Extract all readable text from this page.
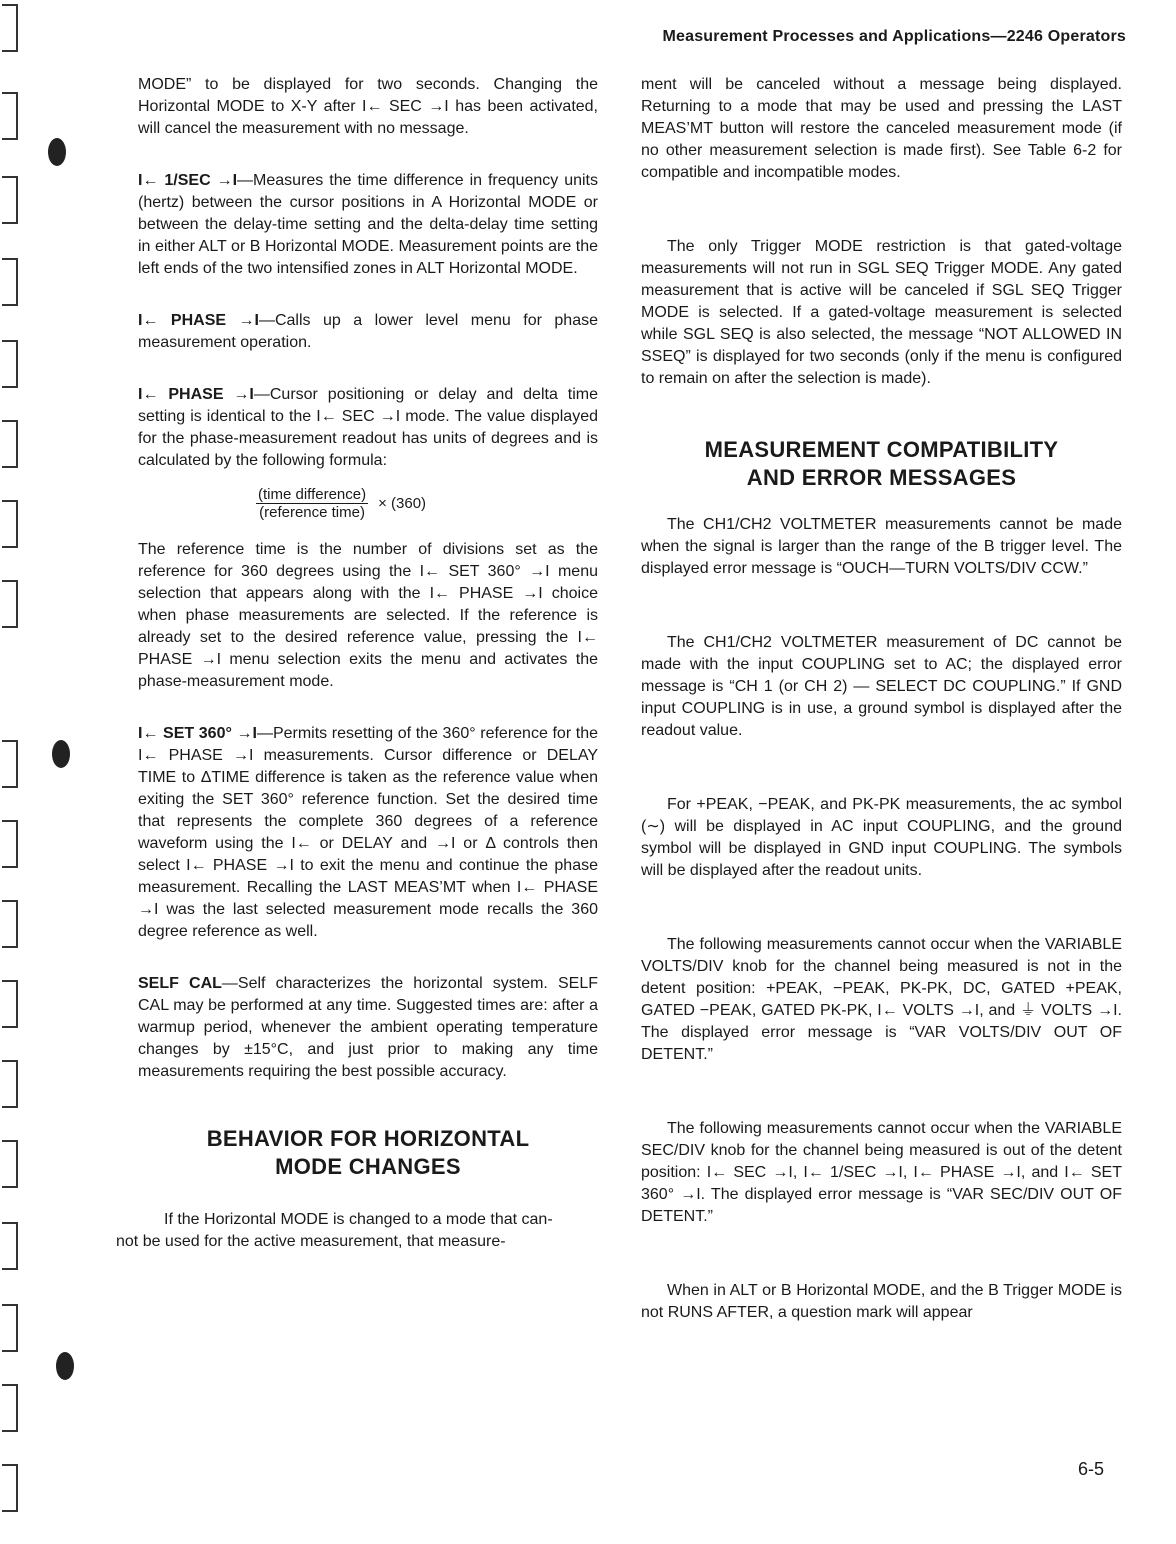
Measurement Processes and Applications—2246 Operators

MODE” to be displayed for two seconds. Changing the Horizontal MODE to X-Y after I← SEC →I has been activated, will cancel the measurement with no message.

I← 1/SEC →I—Measures the time difference in frequency units (hertz) between the cursor positions in A Horizontal MODE or between the delay-time setting and the delta-delay time setting in either ALT or B Horizontal MODE. Measurement points are the left ends of the two intensified zones in ALT Horizontal MODE.

I← PHASE →I—Calls up a lower level menu for phase measurement operation.

I← PHASE →I—Cursor positioning or delay and delta time setting is identical to the I← SEC →I mode. The value displayed for the phase-measurement readout has units of degrees and is calculated by the following formula:

$\frac{\text{(time difference)}}{\text{(reference time)}} \times (360)$

The reference time is the number of divisions set as the reference for 360 degrees using the I← SET 360° →I menu selection that appears along with the I← PHASE →I choice when phase measurements are selected. If the reference is already set to the desired reference value, pressing the I← PHASE →I menu selection exits the menu and activates the phase-measurement mode.

I← SET 360° →I—Permits resetting of the 360° reference for the I← PHASE →I measurements. Cursor difference or DELAY TIME to ΔTIME difference is taken as the reference value when exiting the SET 360° reference function. Set the desired time that represents the complete 360 degrees of a reference waveform using the I← or DELAY and →I or Δ controls then select I← PHASE →I to exit the menu and continue the phase measurement. Recalling the LAST MEAS’MT when I← PHASE →I was the last selected measurement mode recalls the 360 degree reference as well.

SELF CAL—Self characterizes the horizontal system. SELF CAL may be performed at any time. Suggested times are: after a warmup period, whenever the ambient operating temperature changes by ±15°C, and just prior to making any time measurements requiring the best possible accuracy.

BEHAVIOR FOR HORIZONTAL
MODE CHANGES

If the Horizontal MODE is changed to a mode that can-

not be used for the active measurement, that measure-

ment will be canceled without a message being displayed. Returning to a mode that may be used and pressing the LAST MEAS’MT button will restore the canceled measurement mode (if no other measurement selection is made first). See Table 6-2 for compatible and incompatible modes.

The only Trigger MODE restriction is that gated-voltage measurements will not run in SGL SEQ Trigger MODE. Any gated measurement that is active will be canceled if SGL SEQ Trigger MODE is selected. If a gated-voltage measurement is selected while SGL SEQ is also selected, the message “NOT ALLOWED IN SSEQ” is displayed for two seconds (only if the menu is configured to remain on after the selection is made).

MEASUREMENT COMPATIBILITY
AND ERROR MESSAGES

The CH1/CH2 VOLTMETER measurements cannot be made when the signal is larger than the range of the B trigger level. The displayed error message is “OUCH—TURN VOLTS/DIV CCW.”

The CH1/CH2 VOLTMETER measurement of DC cannot be made with the input COUPLING set to AC; the displayed error message is “CH 1 (or CH 2) — SELECT DC COUPLING.” If GND input COUPLING is in use, a ground symbol is displayed after the readout value.

For +PEAK, −PEAK, and PK-PK measurements, the ac symbol (∼) will be displayed in AC input COUPLING, and the ground symbol will be displayed in GND input COUPLING. The symbols will be displayed after the readout units.

The following measurements cannot occur when the VARIABLE VOLTS/DIV knob for the channel being measured is not in the detent position: +PEAK, −PEAK, PK-PK, DC, GATED +PEAK, GATED −PEAK, GATED PK-PK, I← VOLTS →I, and ⏚ VOLTS →I. The displayed error message is “VAR VOLTS/DIV OUT OF DETENT.”

The following measurements cannot occur when the VARIABLE SEC/DIV knob for the channel being measured is out of the detent position: I← SEC →I, I← 1/SEC →I, I← PHASE →I, and I← SET 360° →I. The displayed error message is “VAR SEC/DIV OUT OF DETENT.”

When in ALT or B Horizontal MODE, and the B Trigger MODE is not RUNS AFTER, a question mark will appear

6-5
